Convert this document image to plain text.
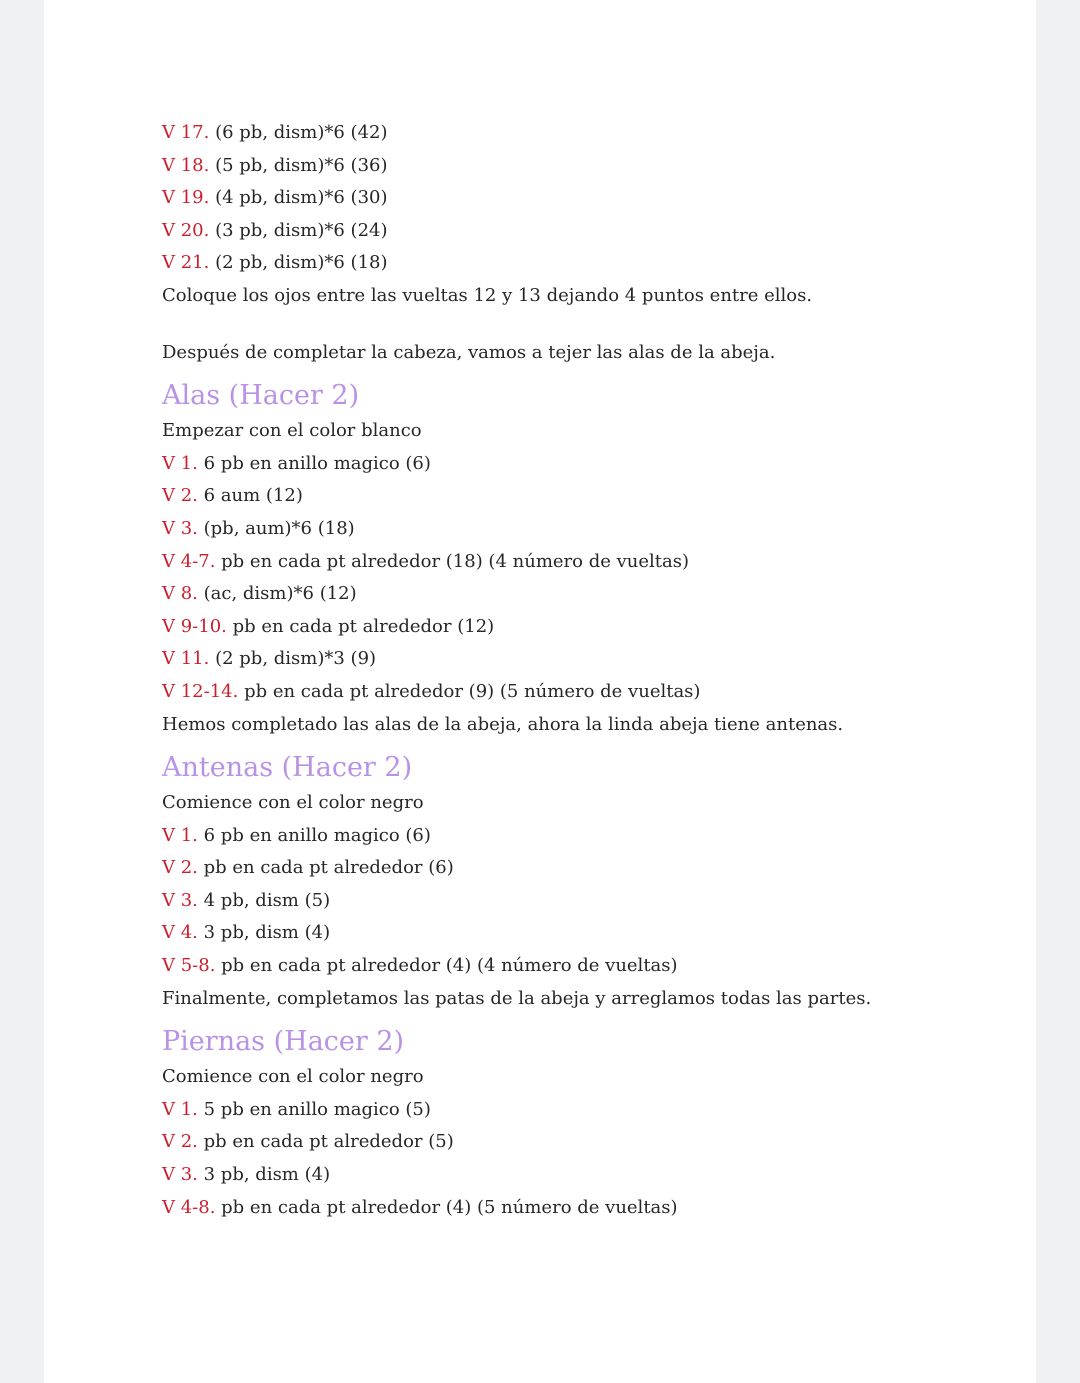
V 17. (6 pb, dism)*6 (42)
V 18. (5 pb, dism)*6 (36)
V 19. (4 pb, dism)*6 (30)
V 20. (3 pb, dism)*6 (24)
V 21. (2 pb, dism)*6 (18)
Coloque los ojos entre las vueltas 12 y 13 dejando 4 puntos entre ellos.
Después de completar la cabeza, vamos a tejer las alas de la abeja.
Alas (Hacer 2)
Empezar con el color blanco
V 1. 6 pb en anillo magico (6)
V 2. 6 aum (12)
V 3. (pb, aum)*6 (18)
V 4-7. pb en cada pt alrededor (18) (4 número de vueltas)
V 8. (ac, dism)*6 (12)
V 9-10. pb en cada pt alrededor (12)
V 11. (2 pb, dism)*3 (9)
V 12-14. pb en cada pt alrededor (9) (5 número de vueltas)
Hemos completado las alas de la abeja, ahora la linda abeja tiene antenas.
Antenas (Hacer 2)
Comience con el color negro
V 1. 6 pb en anillo magico (6)
V 2. pb en cada pt alrededor (6)
V 3. 4 pb, dism (5)
V 4. 3 pb, dism (4)
V 5-8. pb en cada pt alrededor (4) (4 número de vueltas)
Finalmente, completamos las patas de la abeja y arreglamos todas las partes.
Piernas (Hacer 2)
Comience con el color negro
V 1. 5 pb en anillo magico (5)
V 2. pb en cada pt alrededor (5)
V 3. 3 pb, dism (4)
V 4-8. pb en cada pt alrededor (4) (5 número de vueltas)
